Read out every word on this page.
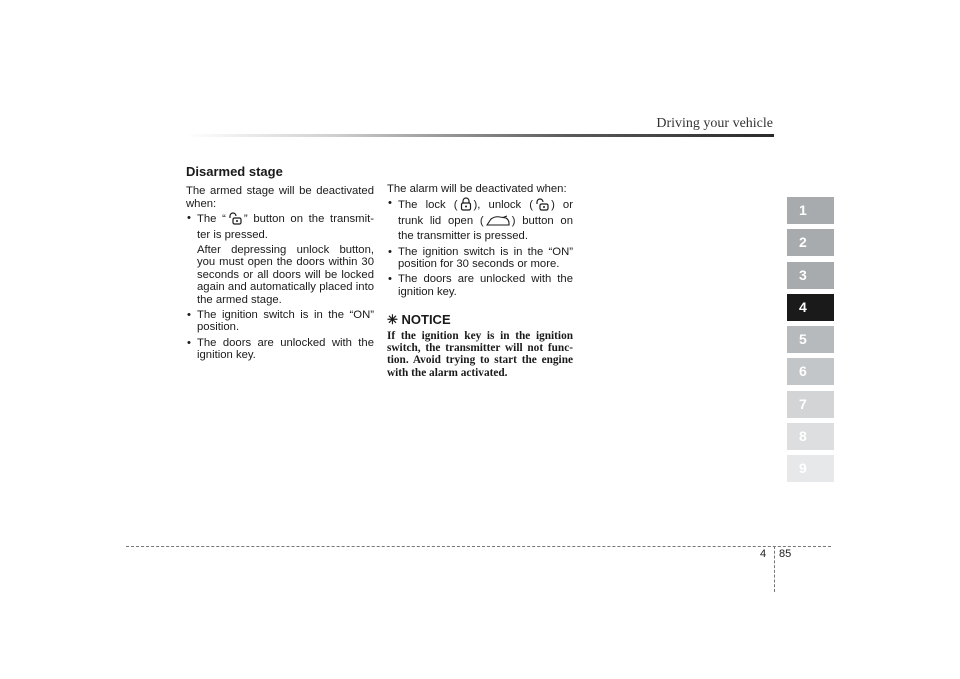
Driving your vehicle
Disarmed stage

The armed stage will be deactivated when:

• The “ ” button on the transmit-ter is pressed.

After depressing unlock button, you must open the doors within 30 seconds or all doors will be locked again and automatically placed into the armed stage.

• The ignition switch is in the “ON” position.
• The doors are unlocked with the ignition key.

The alarm will be deactivated when:

• The lock ( ), unlock ( ) or trunk lid open ( ) button on the transmitter is pressed.
• The ignition switch is in the “ON” position for 30 seconds or more.
• The doors are unlocked with the ignition key.
✳ NOTICE
If the ignition key is in the ignition switch, the transmitter will not func-tion. Avoid trying to start the engine with the alarm activated.
1
2
3
4
5
6
7
8
9
4 85
